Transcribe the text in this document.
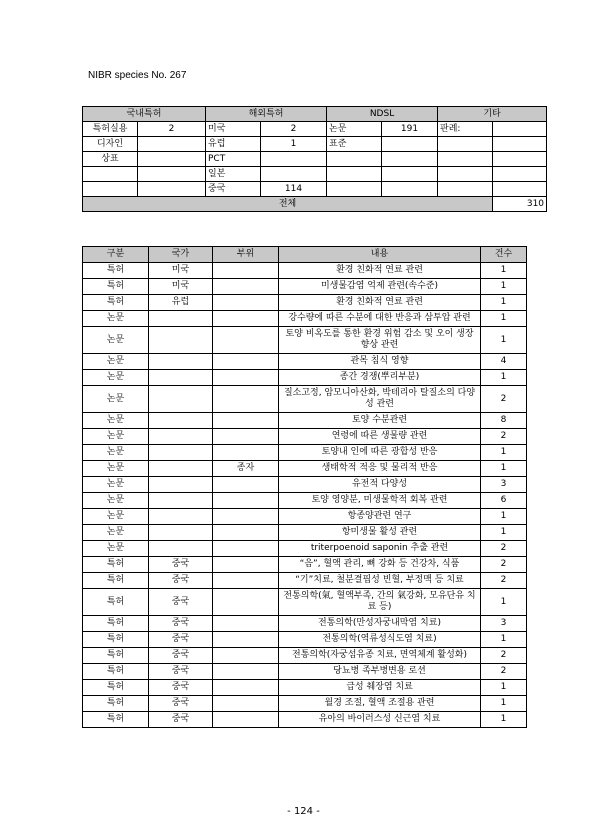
NIBR species No. 267
국내특허		해외특허		NDSL		기타	
특허실용	2	미국	2	논문	191	판례:	
디자인		유럽	1	표준			
상표		PCT					
		일본					
		중국	114				
전체							310
구분	국가	부위	내용	건수
특허	미국		환경 친화적 연료 관련	1
특허	미국		미생물감염 억제 관련(속수준)	1
특허	유럽		환경 친화적 연료 관련	1
논문			강수량에 따른 수분에 대한 반응과 삼투압 관련	1
논문			토양 비옥도를 통한 환경 위험 감소 및 오이 생장 향상 관련	1
논문			관목 침식 영향	4
논문			종간 경쟁(뿌리부분)	1
논문			질소고정, 암모니아산화, 박테리아 탈질소의 다양성 관련	2
논문			토양 수분관련	8
논문			연령에 따른 생물량 관련	2
논문			토양내 인에 따른 광합성 반응	1
논문		종자	생태학적 적응 및 물리적 반응	1
논문			유전적 다양성	3
논문			토양 영양분, 미생물학적 회복 관련	6
논문			항종양관련 연구	1
논문			항미생물 활성 관련	1
논문			triterpoenoid saponin 추출 관련	2
특허	중국		“음”, 혈액 관리, 뼈 강화 등 건강차, 식품	2
특허	중국		“기”치료, 철분결핍성 빈혈, 부정맥 등 치료	2
특허	중국		전통의학(氣, 혈액부족, 간의 氣강화, 모유단유 치료 등)	1
특허	중국		전통의학(만성자궁내막염 치료)	3
특허	중국		전통의학(역류성식도염 치료)	1
특허	중국		전통의학(자궁섬유종 치료, 면역체계 활성화)	2
특허	중국		당뇨병 족부병변용 로션	2
특허	중국		급성 췌장염 치료	1
특허	중국		월경 조절, 혈액 조절용 관련	1
특허	중국		유아의 바이러스성 신근염 치료	1
- 124 -
